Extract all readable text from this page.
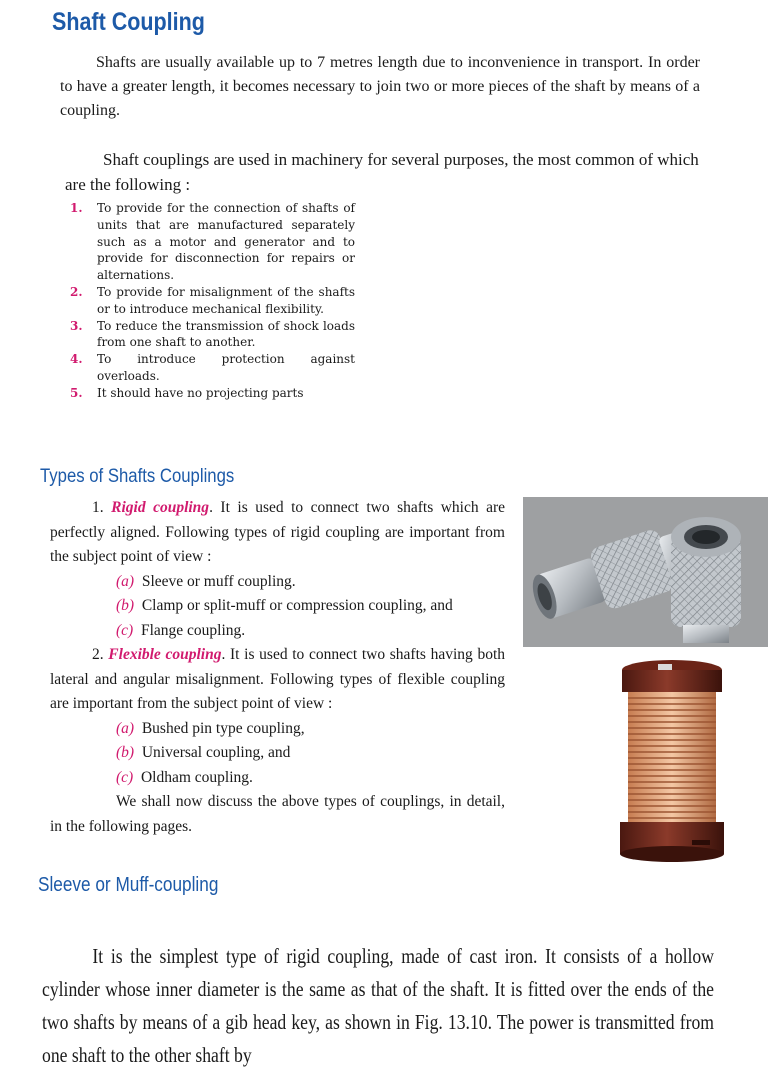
Shaft Coupling

Shafts are usually available up to 7 metres length due to inconvenience in transport. In order to have a greater length, it becomes necessary to join two or more pieces of the shaft by means of a coupling.

Shaft couplings are used in machinery for several purposes, the most common of which are the following :

1. To provide for the connection of shafts of units that are manufactured separately such as a motor and generator and to provide for disconnection for repairs or alternations.
2. To provide for misalignment of the shafts or to introduce mechanical flexibility.
3. To reduce the transmission of shock loads from one shaft to another.
4. To introduce protection against overloads.
5. It should have no projecting parts
Types of Shafts Couplings

1. Rigid coupling. It is used to connect two shafts which are perfectly aligned. Following types of rigid coupling are important from the subject point of view :

(a) Sleeve or muff coupling.

(b) Clamp or split-muff or compression coupling, and

(c) Flange coupling.

2. Flexible coupling. It is used to connect two shafts having both lateral and angular misalignment. Following types of flexible coupling are important from the subject point of view :

(a) Bushed pin type coupling,

(b) Universal coupling, and

(c) Oldham coupling.

We shall now discuss the above types of couplings, in detail, in the following pages.

Sleeve or Muff-coupling

It is the simplest type of rigid coupling, made of cast iron. It consists of a hollow cylinder whose inner diameter is the same as that of the shaft. It is fitted over the ends of the two shafts by means of a gib head key, as shown in Fig. 13.10. The power is transmitted from one shaft to the other shaft by
